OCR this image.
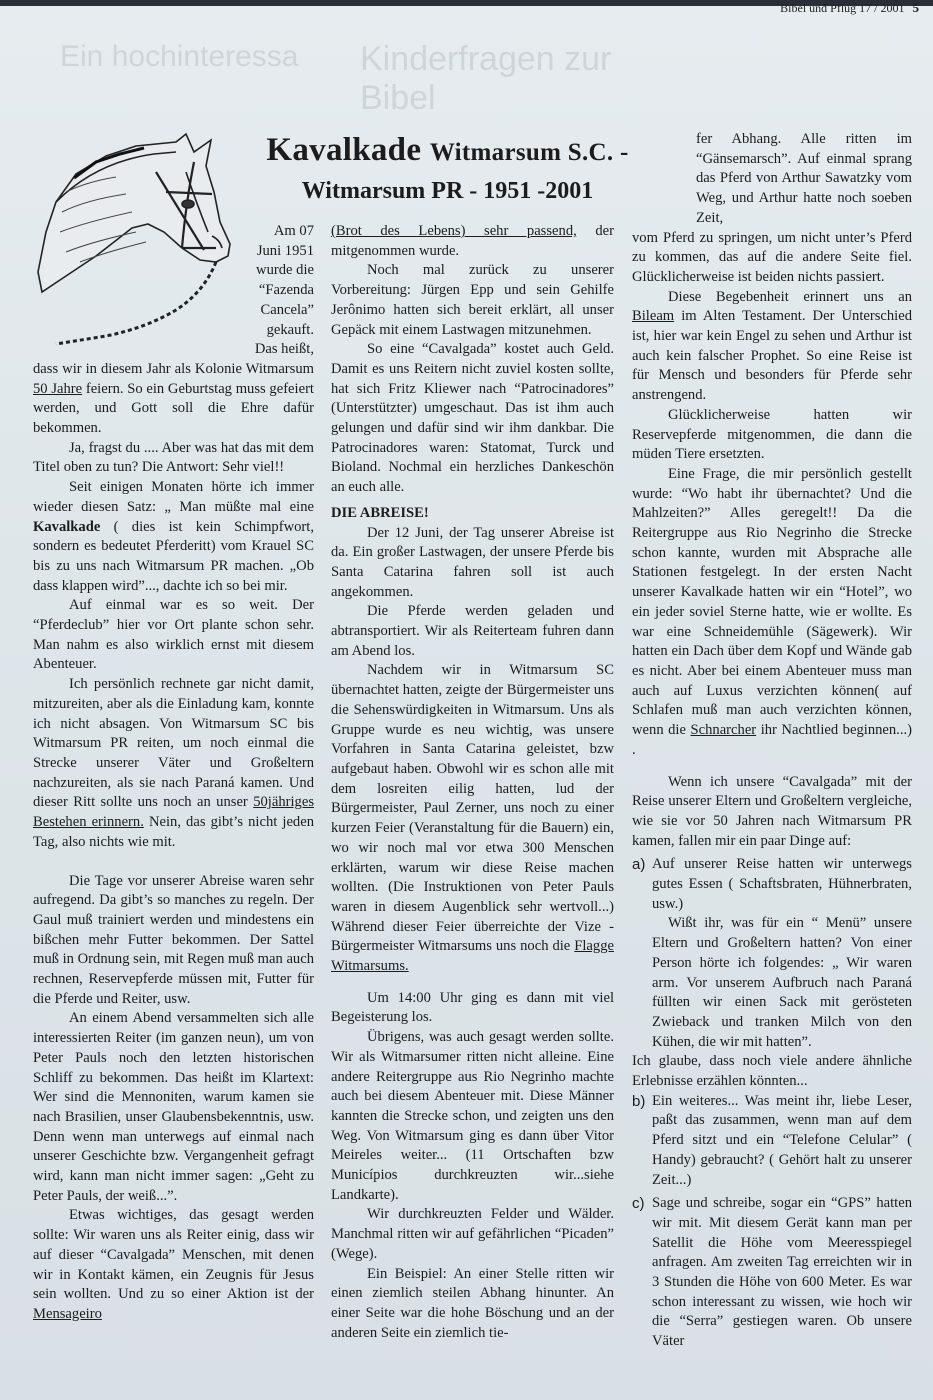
Bibel und Pflug 17 / 2001 5
Ein hochinteressa Kinderfragen zur Bibel
Kavalkade Witmarsum S.C. -
Witmarsum PR - 1951 -2001
Am 07
Juni 1951
wurde die
“Fazenda
Cancela”
gekauft.
Das heißt,

dass wir in diesem Jahr als Kolonie Witmarsum 50 Jahre feiern. So ein Geburtstag muss gefeiert werden, und Gott soll die Ehre dafür bekommen.

Ja, fragst du .... Aber was hat das mit dem Titel oben zu tun? Die Antwort: Sehr viel!!

Seit einigen Monaten hörte ich immer wieder diesen Satz: „ Man müßte mal eine Kavalkade ( dies ist kein Schimpfwort, sondern es bedeutet Pferderitt) vom Krauel SC bis zu uns nach Witmarsum PR machen. „Ob dass klappen wird”..., dachte ich so bei mir.

Auf einmal war es so weit. Der “Pferdeclub” hier vor Ort plante schon sehr. Man nahm es also wirklich ernst mit diesem Abenteuer.

Ich persönlich rechnete gar nicht damit, mitzureiten, aber als die Einladung kam, konnte ich nicht absagen. Von Witmarsum SC bis Witmarsum PR reiten, um noch einmal die Strecke unserer Väter und Großeltern nachzureiten, als sie nach Paraná kamen. Und dieser Ritt sollte uns noch an unser 50jähriges Bestehen erinnern. Nein, das gibt’s nicht jeden Tag, also nichts wie mit.

Die Tage vor unserer Abreise waren sehr aufregend. Da gibt’s so manches zu regeln. Der Gaul muß trainiert werden und mindestens ein bißchen mehr Futter bekommen. Der Sattel muß in Ordnung sein, mit Regen muß man auch rechnen, Reservepferde müssen mit, Futter für die Pferde und Reiter, usw.

An einem Abend versammelten sich alle interessierten Reiter (im ganzen neun), um von Peter Pauls noch den letzten historischen Schliff zu bekommen. Das heißt im Klartext: Wer sind die Mennoniten, warum kamen sie nach Brasilien, unser Glaubensbekenntnis, usw. Denn wenn man unterwegs auf einmal nach unserer Geschichte bzw. Vergangenheit gefragt wird, kann man nicht immer sagen: „Geht zu Peter Pauls, der weiß...”.

Etwas wichtiges, das gesagt werden sollte: Wir waren uns als Reiter einig, dass wir auf dieser “Cavalgada” Menschen, mit denen wir in Kontakt kämen, ein Zeugnis für Jesus sein wollten. Und zu so einer Aktion ist der Mensageiro

(Brot des Lebens) sehr passend, der mitgenommen wurde.

Noch mal zurück zu unserer Vorbereitung: Jürgen Epp und sein Gehilfe Jerônimo hatten sich bereit erklärt, all unser Gepäck mit einem Lastwagen mitzunehmen.

So eine “Cavalgada” kostet auch Geld. Damit es uns Reitern nicht zuviel kosten sollte, hat sich Fritz Kliewer nach “Patrocinadores” (Unterstützter) umgeschaut. Das ist ihm auch gelungen und dafür sind wir ihm dankbar. Die Patrocinadores waren: Statomat, Turck und Bioland. Nochmal ein herzliches Dankeschön an euch alle.

DIE ABREISE!

Der 12 Juni, der Tag unserer Abreise ist da. Ein großer Lastwagen, der unsere Pferde bis Santa Catarina fahren soll ist auch angekommen.

Die Pferde werden geladen und abtransportiert. Wir als Reiterteam fuhren dann am Abend los.

Nachdem wir in Witmarsum SC übernachtet hatten, zeigte der Bürgermeister uns die Sehenswürdigkeiten in Witmarsum. Uns als Gruppe wurde es neu wichtig, was unsere Vorfahren in Santa Catarina geleistet, bzw aufgebaut haben. Obwohl wir es schon alle mit dem losreiten eilig hatten, lud der Bürgermeister, Paul Zerner, uns noch zu einer kurzen Feier (Veranstaltung für die Bauern) ein, wo wir noch mal vor etwa 300 Menschen erklärten, warum wir diese Reise machen wollten. (Die Instruktionen von Peter Pauls waren in diesem Augenblick sehr wertvoll...) Während dieser Feier überreichte der Vize - Bürgermeister Witmarsums uns noch die Flagge Witmarsums.

Um 14:00 Uhr ging es dann mit viel Begeisterung los.

Übrigens, was auch gesagt werden sollte. Wir als Witmarsumer ritten nicht alleine. Eine andere Reitergruppe aus Rio Negrinho machte auch bei diesem Abenteuer mit. Diese Männer kannten die Strecke schon, und zeigten uns den Weg. Von Witmarsum ging es dann über Vitor Meireles weiter... (11 Ortschaften bzw Municípios durchkreuzten wir...siehe Landkarte).

Wir durchkreuzten Felder und Wälder. Manchmal ritten wir auf gefährlichen “Picaden” (Wege).

Ein Beispiel: An einer Stelle ritten wir einen ziemlich steilen Abhang hinunter. An einer Seite war die hohe Böschung und an der anderen Seite ein ziemlich tie-

fer Abhang. Alle ritten im “Gänsemarsch”. Auf einmal sprang das Pferd von Arthur Sawatzky vom Weg, und Arthur hatte noch soeben Zeit,

vom Pferd zu springen, um nicht unter’s Pferd zu kommen, das auf die andere Seite fiel. Glücklicherweise ist beiden nichts passiert.

Diese Begebenheit erinnert uns an Bileam im Alten Testament. Der Unterschied ist, hier war kein Engel zu sehen und Arthur ist auch kein falscher Prophet. So eine Reise ist für Mensch und besonders für Pferde sehr anstrengend.

Glücklicherweise hatten wir Reservepferde mitgenommen, die dann die müden Tiere ersetzten.

Eine Frage, die mir persönlich gestellt wurde: “Wo habt ihr übernachtet? Und die Mahlzeiten?” Alles geregelt!! Da die Reitergruppe aus Rio Negrinho die Strecke schon kannte, wurden mit Absprache alle Stationen festgelegt. In der ersten Nacht unserer Kavalkade hatten wir ein “Hotel”, wo ein jeder soviel Sterne hatte, wie er wollte. Es war eine Schneidemühle (Sägewerk). Wir hatten ein Dach über dem Kopf und Wände gab es nicht. Aber bei einem Abenteuer muss man auch auf Luxus verzichten können( auf Schlafen muß man auch verzichten können, wenn die Schnarcher ihr Nachtlied beginnen...) .

Wenn ich unsere “Cavalgada” mit der Reise unserer Eltern und Großeltern vergleiche, wie sie vor 50 Jahren nach Witmarsum PR kamen, fallen mir ein paar Dinge auf:

a) Auf unserer Reise hatten wir unterwegs gutes Essen ( Schaftsbraten, Hühnerbraten, usw.)

Wißt ihr, was für ein “ Menü” unsere Eltern und Großeltern hatten? Von einer Person hörte ich folgendes: „ Wir waren arm. Vor unserem Aufbruch nach Paraná füllten wir einen Sack mit gerösteten Zwieback und tranken Milch von den Kühen, die wir mit hatten”.

Ich glaube, dass noch viele andere ähnliche Erlebnisse erzählen könnten...

b) Ein weiteres... Was meint ihr, liebe Leser, paßt das zusammen, wenn man auf dem Pferd sitzt und ein “Telefone Celular” ( Handy) gebraucht? ( Gehört halt zu unserer Zeit...)

c) Sage und schreibe, sogar ein “GPS” hatten wir mit. Mit diesem Gerät kann man per Satellit die Höhe vom Meeresspiegel anfragen. Am zweiten Tag erreichten wir in 3 Stunden die Höhe von 600 Meter. Es war schon interessant zu wissen, wie hoch wir die “Serra” gestiegen waren. Ob unsere Väter
